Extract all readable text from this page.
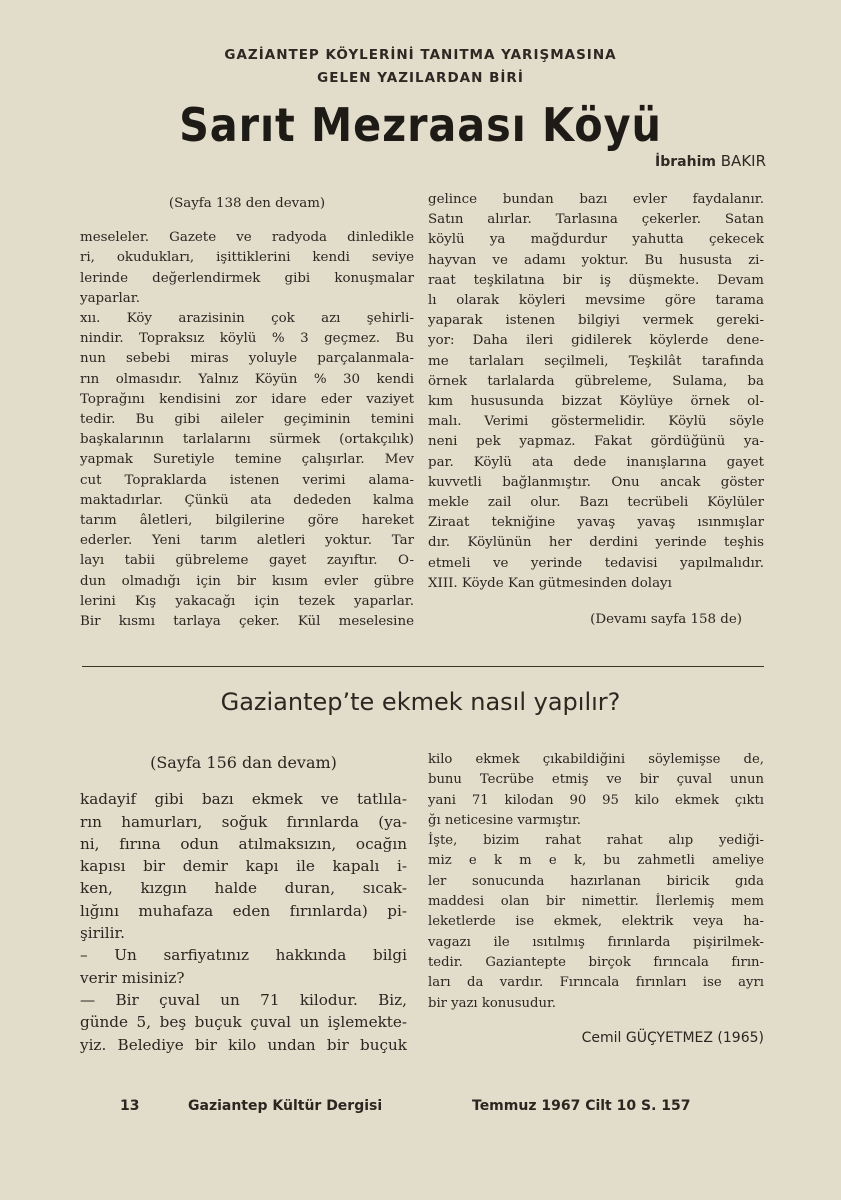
GAZİANTEP KÖYLERİNİ TANITMA YARIŞMASINA
GELEN YAZILARDAN BİRİ
Sarıt Mezraası Köyü
İbrahim BAKIR

(Sayfa 138 den devam)

meseleler. Gazete ve radyoda dinledikle

ri, okudukları, işittiklerini kendi seviye

lerinde değerlendirmek gibi konuşmalar

yaparlar.

xıı. Köy arazisinin çok azı şehirli-

nindir. Topraksız köylü % 3 geçmez. Bu

nun sebebi miras yoluyle parçalanmala-

rın olmasıdır. Yalnız Köyün % 30 kendi

Toprağını kendisini zor idare eder vaziyet

tedir. Bu gibi aileler geçiminin temini

başkalarının tarlalarını sürmek (ortakçılık)

yapmak Suretiyle temine çalışırlar. Mev

cut Topraklarda istenen verimi alama-

maktadırlar. Çünkü ata dededen kalma

tarım âletleri, bilgilerine göre hareket

ederler. Yeni tarım aletleri yoktur. Tar

layı tabii gübreleme gayet zayıftır. O-

dun olmadığı için bir kısım evler gübre

lerini Kış yakacağı için tezek yaparlar.

Bir kısmı tarlaya çeker. Kül meselesine

gelince bundan bazı evler faydalanır.

Satın alırlar. Tarlasına çekerler. Satan

köylü ya mağdurdur yahutta çekecek

hayvan ve adamı yoktur. Bu hususta zi-

raat teşkilatına bir iş düşmekte. Devam

lı olarak köyleri mevsime göre tarama

yaparak istenen bilgiyi vermek gereki-

yor: Daha ileri gidilerek köylerde dene-

me tarlaları seçilmeli, Teşkilât tarafında

örnek tarlalarda gübreleme, Sulama, ba

kım hususunda bizzat Köylüye örnek ol-

malı. Verimi göstermelidir. Köylü söyle

neni pek yapmaz. Fakat gördüğünü ya-

par. Köylü ata dede inanışlarına gayet

kuvvetli bağlanmıştır. Onu ancak göster

mekle zail olur. Bazı tecrübeli Köylüler

Ziraat tekniğine yavaş yavaş ısınmışlar

dır. Köylünün her derdini yerinde teşhis

etmeli ve yerinde tedavisi yapılmalıdır.

XIII. Köyde Kan gütmesinden dolayı

(Devamı sayfa 158 de)

Gaziantep’te ekmek nasıl yapılır?

(Sayfa 156 dan devam)

kadayif gibi bazı ekmek ve tatlıla-

rın hamurları, soğuk fırınlarda (ya-

ni, fırına odun atılmaksızın, ocağın

kapısı bir demir kapı ile kapalı i-

ken, kızgın halde duran, sıcak-

lığını muhafaza eden fırınlarda) pi-

şirilir.

– Un sarfiyatınız hakkında bilgi

verir misiniz?

— Bir çuval un 71 kilodur. Biz,

günde 5, beş buçuk çuval un işlemekte-

yiz. Belediye bir kilo undan bir buçuk

kilo ekmek çıkabildiğini söylemişse de,

bunu Tecrübe etmiş ve bir çuval unun

yani 71 kilodan 90 95 kilo ekmek çıktı

ğı neticesine varmıştır.

İşte, bizim rahat rahat alıp yediği-

miz e k m e k, bu zahmetli ameliye

ler sonucunda hazırlanan biricik gıda

maddesi olan bir nimettir. İlerlemiş mem

leketlerde ise ekmek, elektrik veya ha-

vagazı ile ısıtılmış fırınlarda pişirilmek-

tedir. Gaziantepte birçok fırıncala fırın-

ları da vardır. Fırıncala fırınları ise ayrı

bir yazı konusudur.

Cemil GÜÇYETMEZ (1965)

13	Gaziantep Kültür Dergisi	Temmuz 1967 Cilt 10 S. 157
